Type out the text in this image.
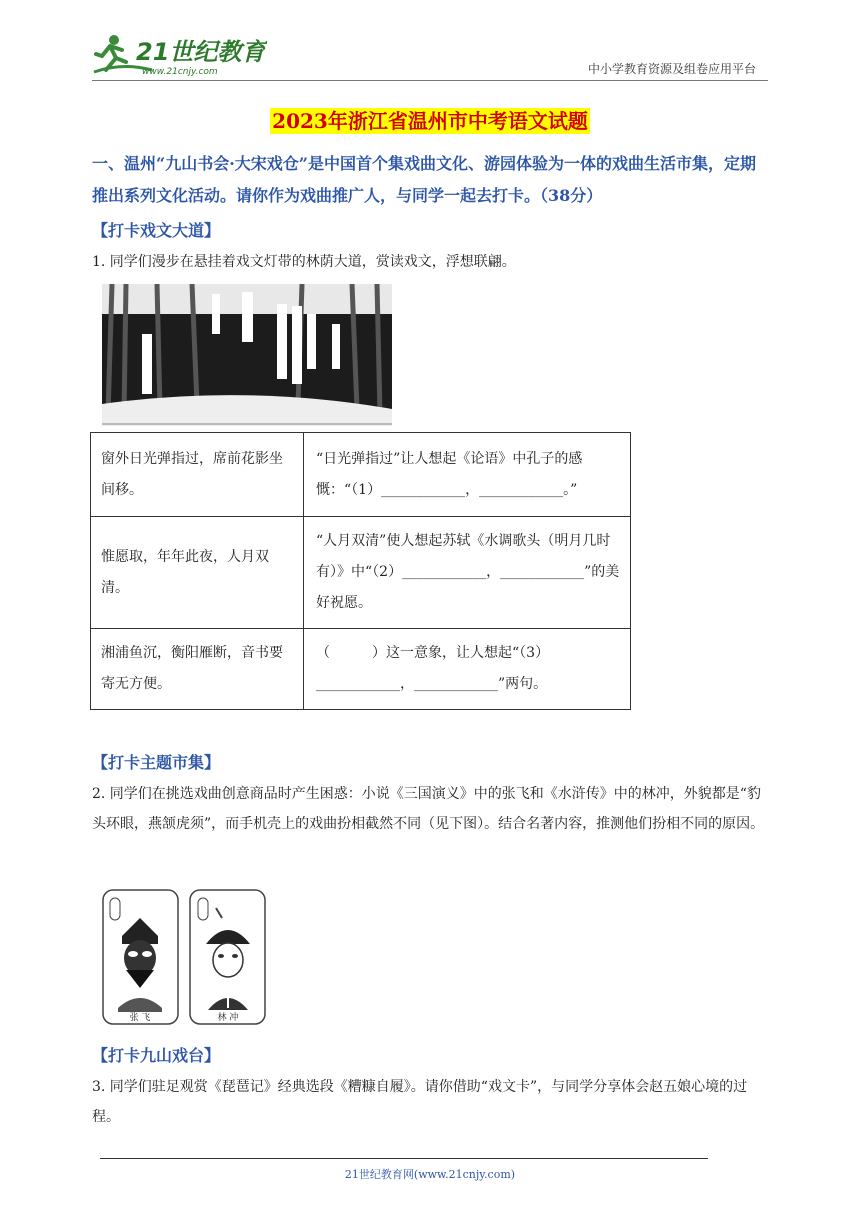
21世纪教育
www.21cnjy.com	中小学教育资源及组卷应用平台
2023年浙江省温州市中考语文试题
一、温州“九山书会·大宋戏仓”是中国首个集戏曲文化、游园体验为一体的戏曲生活市集，定期推出系列文化活动。请你作为戏曲推广人，与同学一起去打卡。（38分）
【打卡戏文大道】
1. 同学们漫步在悬挂着戏文灯带的林荫大道，赏读戏文，浮想联翩。
窗外日光弹指过，席前花影坐间移。	“日光弹指过”让人想起《论语》中孔子的感慨：“（1）____________，____________。”
惟愿取，年年此夜，人月双清。	“人月双清”使人想起苏轼《水调歌头（明月几时有）》中“（2）____________，____________”的美好祝愿。
湘浦鱼沉，衡阳雁断，音书要寄无方便。	（　　　）这一意象，让人想起“（3）____________，____________”两句。
【打卡主题市集】
2. 同学们在挑选戏曲创意商品时产生困惑：小说《三国演义》中的张飞和《水浒传》中的林冲，外貌都是“豹头环眼，燕颔虎须”，而手机壳上的戏曲扮相截然不同（见下图）。结合名著内容，推测他们扮相不同的原因。
张 飞	林 冲
【打卡九山戏台】
3. 同学们驻足观赏《琵琶记》经典选段《糟糠自履》。请你借助“戏文卡”，与同学分享体会赵五娘心境的过程。
21世纪教育网(www.21cnjy.com)
